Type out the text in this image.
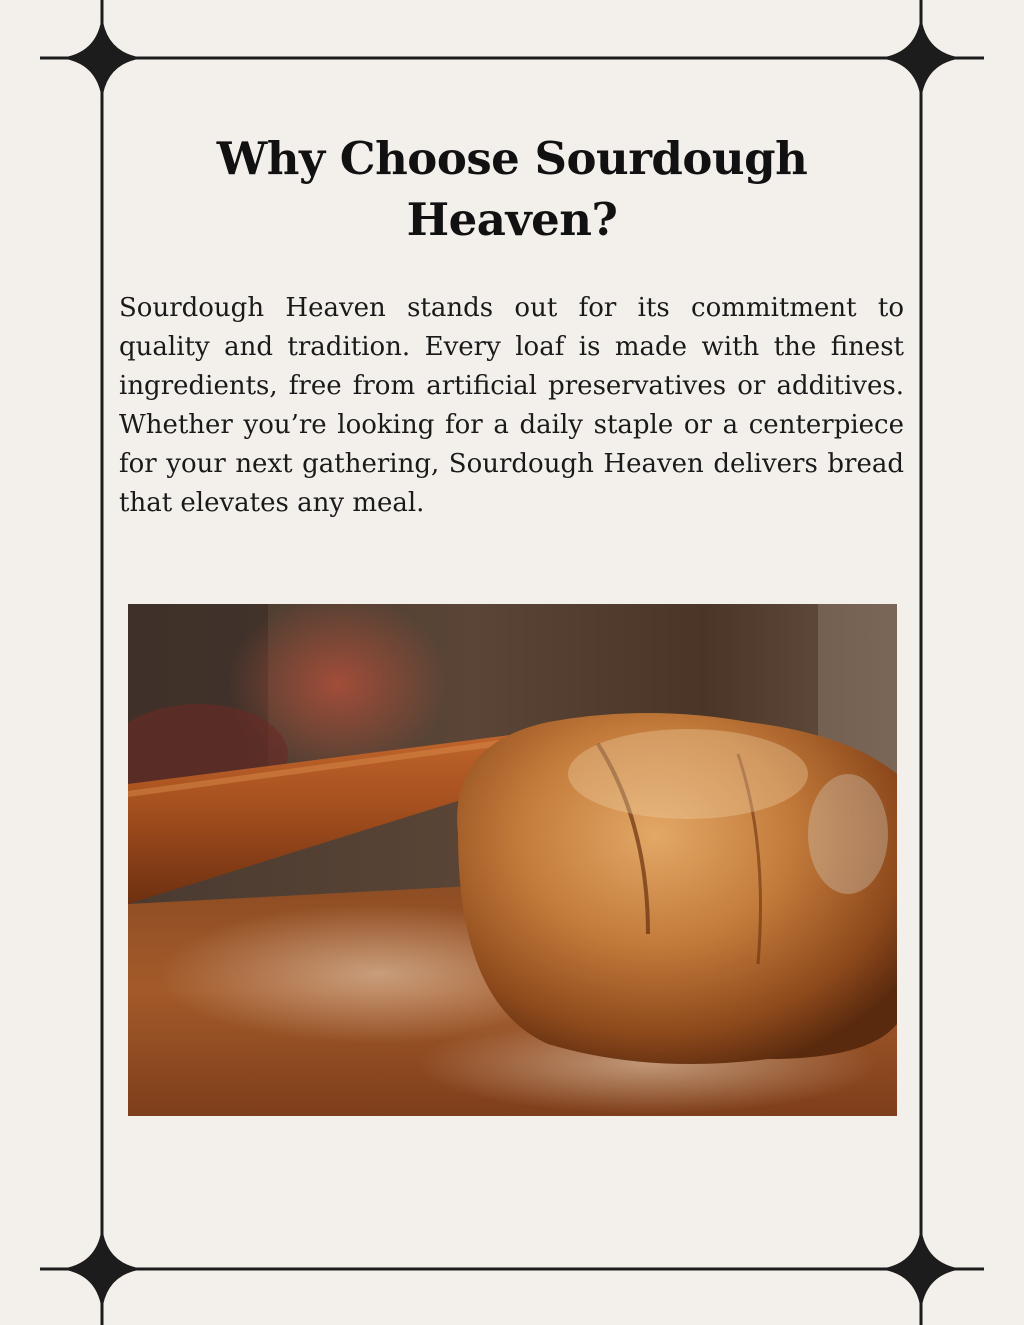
Why Choose Sourdough Heaven?

Sourdough Heaven stands out for its commitment to quality and tradition. Every loaf is made with the finest ingredients, free from artificial preservatives or additives. Whether you’re looking for a daily staple or a centerpiece for your next gathering, Sourdough Heaven delivers bread that elevates any meal.
